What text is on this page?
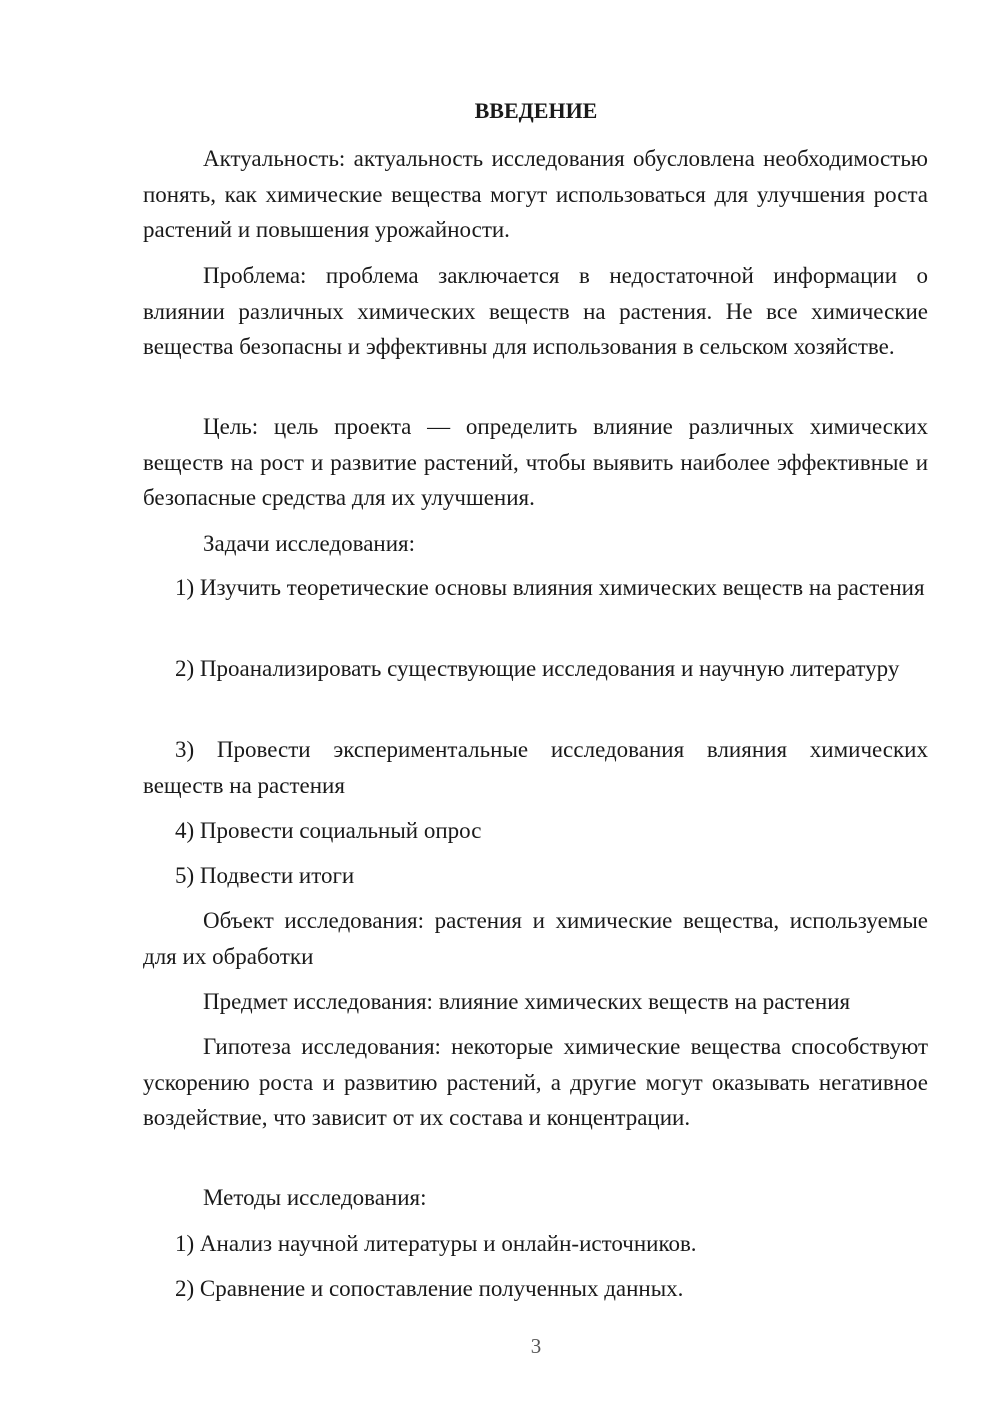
ВВЕДЕНИЕ

Актуальность: актуальность исследования обусловлена необходимостью понять, как химические вещества могут использоваться для улучшения роста растений и повышения урожайности.

Проблема: проблема заключается в недостаточной информации о влиянии различных химических веществ на растения. Не все химические вещества безопасны и эффективны для использования в сельском хозяйстве.

Цель: цель проекта — определить влияние различных химических веществ на рост и развитие растений, чтобы выявить наиболее эффективные и безопасные средства для их улучшения.

Задачи исследования:

1) Изучить теоретические основы влияния химических веществ на растения

2) Проанализировать существующие исследования и научную литературу

3) Провести экспериментальные исследования влияния химических веществ на растения

4) Провести социальный опрос

5) Подвести итоги

Объект исследования: растения и химические вещества, используемые для их обработки

Предмет исследования: влияние химических веществ на растения

Гипотеза исследования: некоторые химические вещества способствуют ускорению роста и развитию растений, а другие могут оказывать негативное воздействие, что зависит от их состава и концентрации.

Методы исследования:

1) Анализ научной литературы и онлайн-источников.

2) Сравнение и сопоставление полученных данных.

3
